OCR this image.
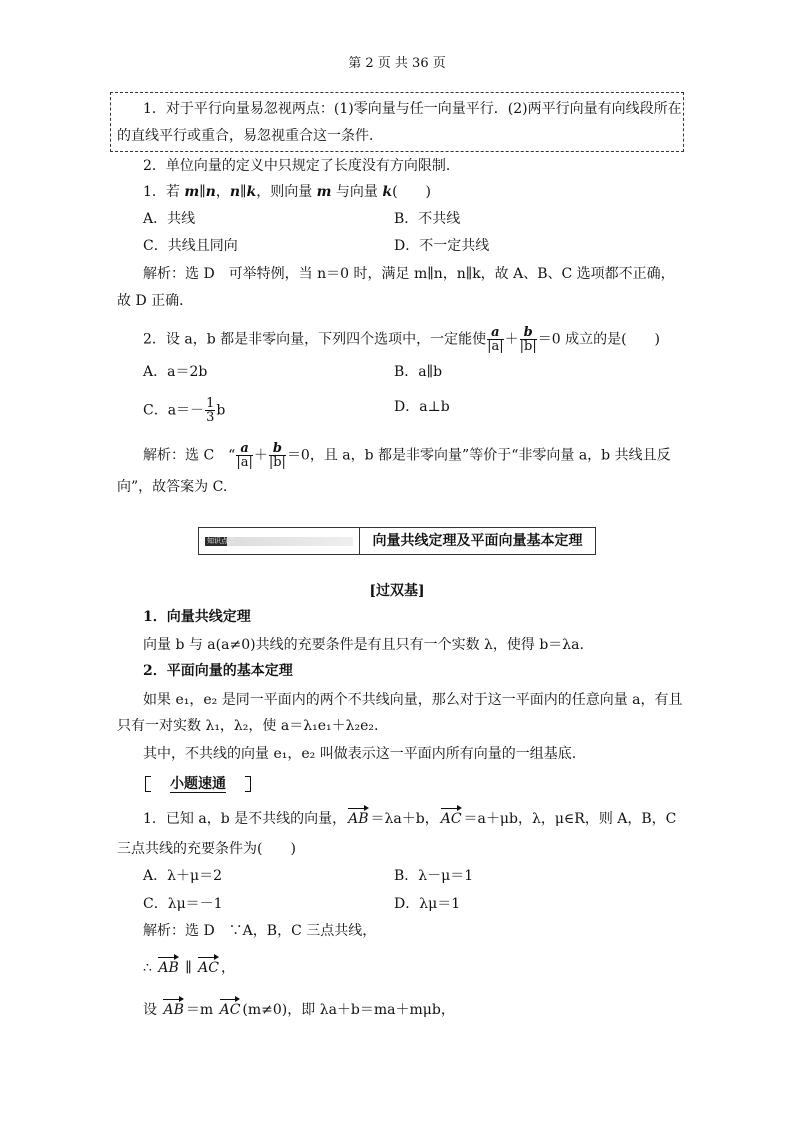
第 2 页 共 36 页
1．对于平行向量易忽视两点：(1)零向量与任一向量平行．(2)两平行向量有向线段所在
的直线平行或重合，易忽视重合这一条件．
2．单位向量的定义中只规定了长度没有方向限制．
1．若 m∥n，n∥k，则向量 m 与向量 k(　　)
A．共线	B．不共线
C．共线且同向	D．不一定共线
解析：选 D　可举特例，当 n＝0 时，满足 m∥n，n∥k，故 A、B、C 选项都不正确，
故 D 正确．
2．设 a，b 都是非零向量，下列四个选项中，一定能使 $\frac{a}{|a|} + \frac{b}{|b|} =0$ 成立的是(　　)
A．a＝2b	B．a∥b
C．$a=- \frac{1}{3}$ b	D．a⊥b
解析：选 C　“ $\frac{a}{|a|} + \frac{b}{|b|} =0$，且 a，b 都是非零向量”等价于“非零向量 a，b 共线且反
向”，故答案为 C.
知识点二	向量共线定理及平面向量基本定理
[过双基]
1．向量共线定理
向量 b 与 a(a≠0)共线的充要条件是有且只有一个实数 λ，使得 b＝λa.
2．平面向量的基本定理
如果 e₁，e₂ 是同一平面内的两个不共线向量，那么对于这一平面内的任意向量 a，有且
只有一对实数 λ₁，λ₂，使 a＝λ₁e₁＋λ₂e₂.
其中，不共线的向量 e₁，e₂ 叫做表示这一平面内所有向量的一组基底.
小题速通
1．已知 a，b 是不共线的向量， AB ＝λa＋b， AC ＝a＋μb，λ，μ∈R，则 A，B，C
三点共线的充要条件为(　　)
A．λ＋μ＝2	B．λ－μ＝1
C．λμ＝－1	D．λμ＝1
解析：选 D　∵A，B，C 三点共线，
∴ AB ∥ AC ，
设 AB ＝m AC (m≠0)，即 λa＋b＝ma＋mμb，
